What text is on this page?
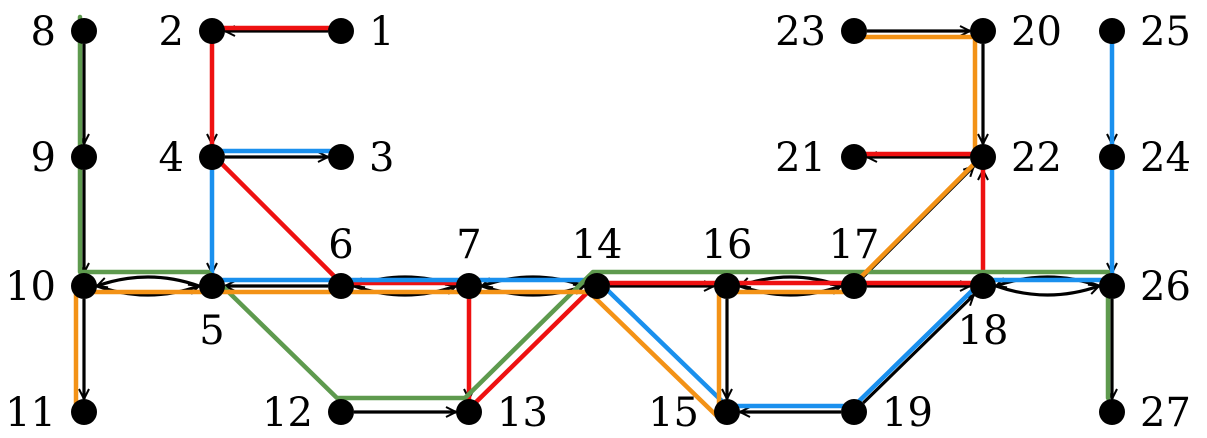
1
2
3
4
5
6	7
8
9
10
11	12	13
14
15
16 17
18
19
20
21	22
23
24
25
26
27
